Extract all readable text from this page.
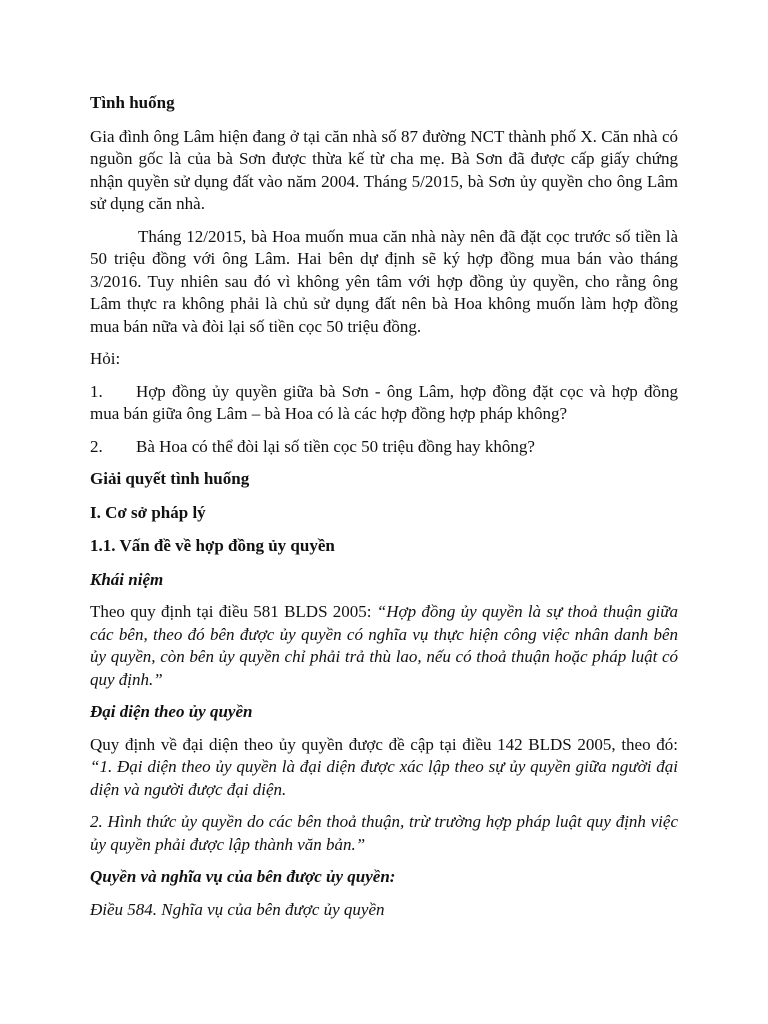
Tình huống

Gia đình ông Lâm hiện đang ở tại căn nhà số 87 đường NCT thành phố X. Căn nhà có nguồn gốc là của bà Sơn được thừa kế từ cha mẹ. Bà Sơn đã được cấp giấy chứng nhận quyền sử dụng đất vào năm 2004. Tháng 5/2015, bà Sơn ủy quyền cho ông Lâm sử dụng căn nhà.

Tháng 12/2015, bà Hoa muốn mua căn nhà này nên đã đặt cọc trước số tiền là 50 triệu đồng với ông Lâm. Hai bên dự định sẽ ký hợp đồng mua bán vào tháng 3/2016. Tuy nhiên sau đó vì không yên tâm với hợp đồng ủy quyền, cho rằng ông Lâm thực ra không phải là chủ sử dụng đất nên bà Hoa không muốn làm hợp đồng mua bán nữa và đòi lại số tiền cọc 50 triệu đồng.

Hỏi:

1. Hợp đồng ủy quyền giữa bà Sơn - ông Lâm, hợp đồng đặt cọc và hợp đồng mua bán giữa ông Lâm – bà Hoa có là các hợp đồng hợp pháp không?

2. Bà Hoa có thể đòi lại số tiền cọc 50 triệu đồng hay không?

Giải quyết tình huống

I. Cơ sở pháp lý

1.1. Vấn đề về hợp đồng ủy quyền

Khái niệm

Theo quy định tại điều 581 BLDS 2005: “Hợp đồng ủy quyền là sự thoả thuận giữa các bên, theo đó bên được ủy quyền có nghĩa vụ thực hiện công việc nhân danh bên ủy quyền, còn bên ủy quyền chỉ phải trả thù lao, nếu có thoả thuận hoặc pháp luật có quy định.”

Đại diện theo ủy quyền

Quy định về đại diện theo ủy quyền được đề cập tại điều 142 BLDS 2005, theo đó: “1. Đại diện theo ủy quyền là đại diện được xác lập theo sự ủy quyền giữa người đại diện và người được đại diện.

2. Hình thức ủy quyền do các bên thoả thuận, trừ trường hợp pháp luật quy định việc ủy quyền phải được lập thành văn bản.”

Quyền và nghĩa vụ của bên được ủy quyền:

Điều 584. Nghĩa vụ của bên được ủy quyền
